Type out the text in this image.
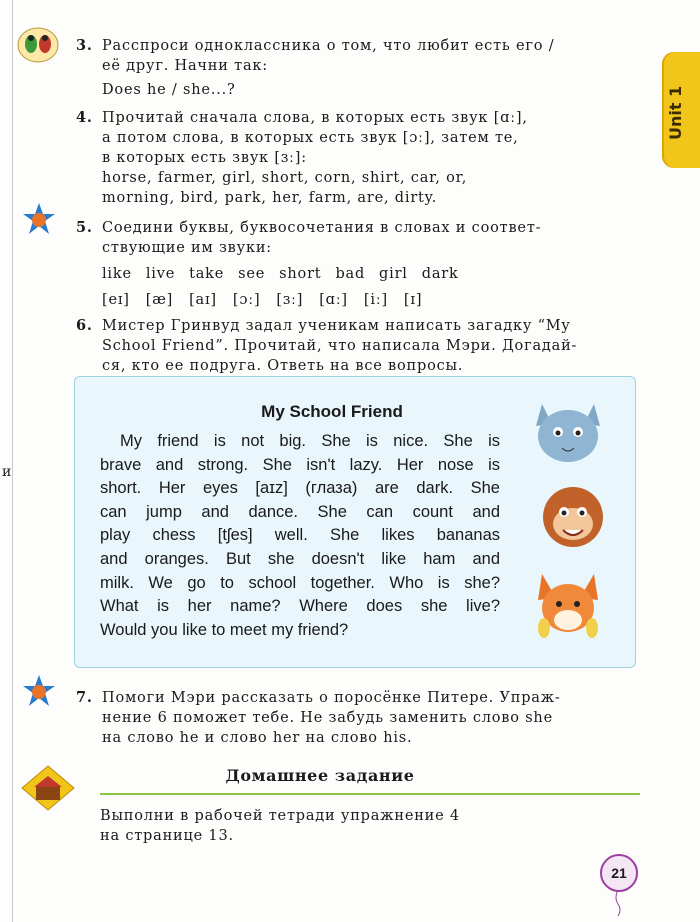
и
Unit 1
3. Расспроси одноклассника о том, что любит есть его /
её друг. Начни так:
Does he / she...?
4. Прочитай сначала слова, в которых есть звук [ɑː],
а потом слова, в которых есть звук [ɔː], затем те,
в которых есть звук [ɜː]:
horse, farmer, girl, short, corn, shirt, car, or,
morning, bird, park, her, farm, are, dirty.
5. Соедини буквы, буквосочетания в словах и соответ-
ствующие им звуки:
like live take see short bad girl dark
[eɪ] [æ] [aɪ] [ɔː] [ɜː] [ɑː] [iː] [ɪ]
6. Мистер Гринвуд задал ученикам написать загадку “My
School Friend”. Прочитай, что написала Мэри. Догадай-
ся, кто ее подруга. Ответь на все вопросы.
My School Friend
My friend is not big. She is nice. She is
brave and strong. She isn't lazy. Her nose is
short. Her eyes [aɪz] (глаза) are dark. She
can jump and dance. She can count and
play chess [tʃes] well. She likes bananas
and oranges. But she doesn't like ham and
milk. We go to school together. Who is she?
What is her name? Where does she live?
Would you like to meet my friend?
7. Помоги Мэри рассказать о поросёнке Питере. Упраж-
нение 6 поможет тебе. Не забудь заменить слово she
на слово he и слово her на слово his.
Домашнее задание
Выполни в рабочей тетради упражнение 4
на странице 13.
21
